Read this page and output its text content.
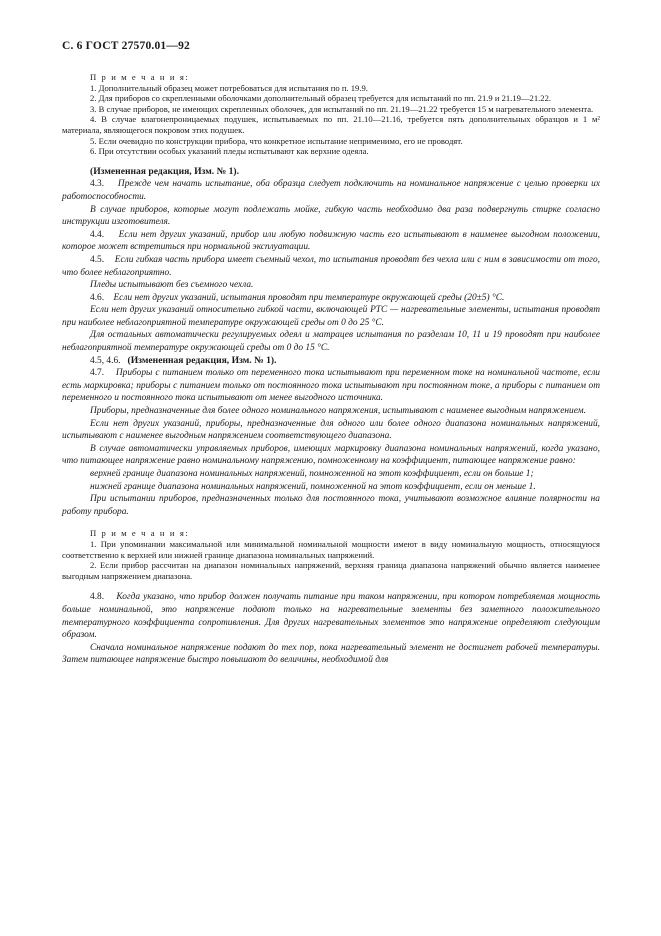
С. 6 ГОСТ 27570.01—92

П р и м е ч а н и я:

1. Дополнительный образец может потребоваться для испытания по п. 19.9.

2. Для приборов со скрепленными оболочками дополнительный образец требуется для испытаний по пп. 21.9 и 21.19—21.22.

3. В случае приборов, не имеющих скрепленных оболочек, для испытаний по пп. 21.19—21.22 требуется 15 м нагревательного элемента.

4. В случае влагонепроницаемых подушек, испытываемых по пп. 21.10—21.16, требуется пять дополнительных образцов и 1 м² материала, являющегося покровом этих подушек.

5. Если очевидно по конструкции прибора, что конкретное испытание неприменимо, его не проводят.

6. При отсутствии особых указаний пледы испытывают как верхние одеяла.

(Измененная редакция, Изм. № 1).

4.3. Прежде чем начать испытание, оба образца следует подключить на номинальное напряжение с целью проверки их работоспособности.

В случае приборов, которые могут подлежать мойке, гибкую часть необходимо два раза подвергнуть стирке согласно инструкции изготовителя.

4.4. Если нет других указаний, прибор или любую подвижную часть его испытывают в наименее выгодном положении, которое может встретиться при нормальной эксплуатации.

4.5. Если гибкая часть прибора имеет съемный чехол, то испытания проводят без чехла или с ним в зависимости от того, что более неблагоприятно.

Пледы испытывают без съемного чехла.

4.6. Если нет других указаний, испытания проводят при температуре окружающей среды (20±5) °С.

Если нет других указаний относительно гибкой части, включающей PTC — нагревательные элементы, испытания проводят при наиболее неблагоприятной температуре окружающей среды от 0 до 25 °С.

Для остальных автоматически регулируемых одеял и матрацев испытания по разделам 10, 11 и 19 проводят при наиболее неблагоприятной температуре окружающей среды от 0 до 15 °С.

4.5, 4.6. (Измененная редакция, Изм. № 1).

4.7. Приборы с питанием только от переменного тока испытывают при переменном токе на номинальной частоте, если есть маркировка; приборы с питанием только от постоянного тока испытывают при постоянном токе, а приборы с питанием от переменного и постоянного тока испытывают от менее выгодного источника.

Приборы, предназначенные для более одного номинального напряжения, испытывают с наименее выгодным напряжением.

Если нет других указаний, приборы, предназначенные для одного или более одного диапазона номинальных напряжений, испытывают с наименее выгодным напряжением соответствующего диапазона.

В случае автоматически управляемых приборов, имеющих маркировку диапазона номинальных напряжений, когда указано, что питающее напряжение равно номинальному напряжению, помноженному на коэффициент, питающее напряжение равно:

верхней границе диапазона номинальных напряжений, помноженной на этот коэффициент, если он больше 1;

нижней границе диапазона номинальных напряжений, помноженной на этот коэффициент, если он меньше 1.

При испытании приборов, предназначенных только для постоянного тока, учитывают возможное влияние полярности на работу прибора.

П р и м е ч а н и я:

1. При упоминании максимальной или минимальной номинальной мощности имеют в виду номинальную мощность, относящуюся соответственно к верхней или нижней границе диапазона номинальных напряжений.

2. Если прибор рассчитан на диапазон номинальных напряжений, верхняя граница диапазона напряжений обычно является наименее выгодным напряжением диапазона.

4.8. Когда указано, что прибор должен получать питание при таком напряжении, при котором потребляемая мощность больше номинальной, это напряжение подают только на нагревательные элементы без заметного положительного температурного коэффициента сопротивления. Для других нагревательных элементов это напряжение определяют следующим образом.

Сначала номинальное напряжение подают до тех пор, пока нагревательный элемент не достигнет рабочей температуры. Затем питающее напряжение быстро повышают до величины, необходимой для
